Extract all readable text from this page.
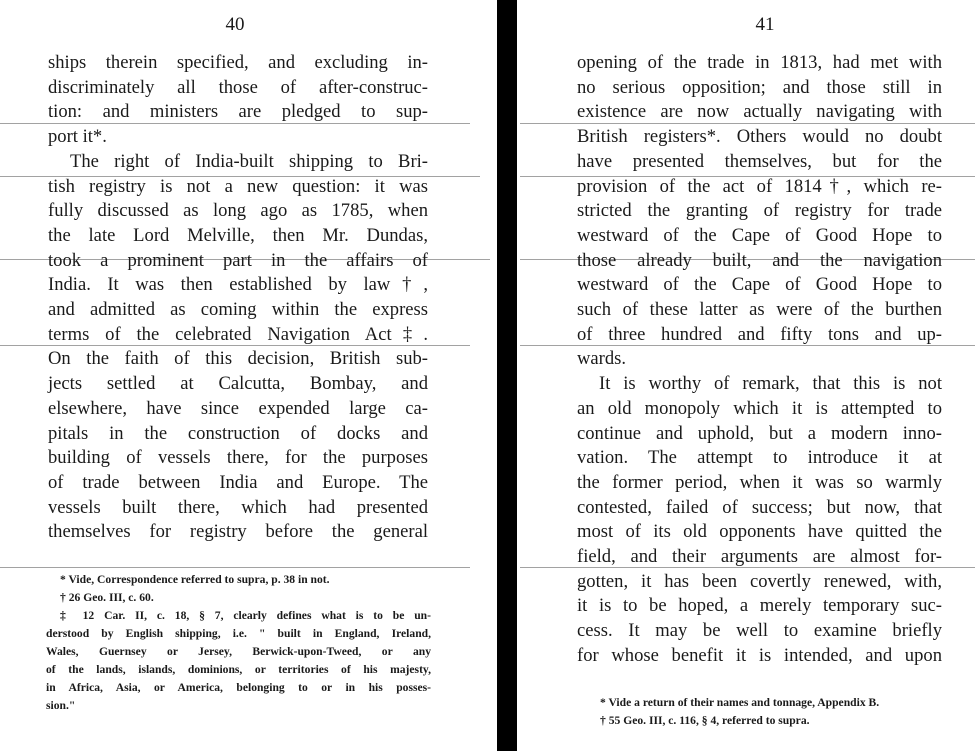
40
ships therein specified, and excluding in-
discriminately all those of after-construc-
tion: and ministers are pledged to sup-
port it*.
The right of India-built shipping to Bri-
tish registry is not a new question: it was
fully discussed as long ago as 1785, when
the late Lord Melville, then Mr. Dundas,
took a prominent part in the affairs of
India. It was then established by law†,
and admitted as coming within the express
terms of the celebrated Navigation Act‡.
On the faith of this decision, British sub-
jects settled at Calcutta, Bombay, and
elsewhere, have since expended large ca-
pitals in the construction of docks and
building of vessels there, for the purposes
of trade between India and Europe. The
vessels built there, which had presented
themselves for registry before the general
* Vide, Correspondence referred to supra, p. 38 in not.
† 26 Geo. III, c. 60.
‡ 12 Car. II, c. 18, § 7, clearly defines what is to be un-
derstood by English shipping, i.e. " built in England, Ireland,
Wales, Guernsey or Jersey, Berwick-upon-Tweed, or any
of the lands, islands, dominions, or territories of his majesty,
in Africa, Asia, or America, belonging to or in his posses-
sion."
41
opening of the trade in 1813, had met with
no serious opposition; and those still in
existence are now actually navigating with
British registers*. Others would no doubt
have presented themselves, but for the
provision of the act of 1814†, which re-
stricted the granting of registry for trade
westward of the Cape of Good Hope to
those already built, and the navigation
westward of the Cape of Good Hope to
such of these latter as were of the burthen
of three hundred and fifty tons and up-
wards.
It is worthy of remark, that this is not
an old monopoly which it is attempted to
continue and uphold, but a modern inno-
vation. The attempt to introduce it at
the former period, when it was so warmly
contested, failed of success; but now, that
most of its old opponents have quitted the
field, and their arguments are almost for-
gotten, it has been covertly renewed, with,
it is to be hoped, a merely temporary suc-
cess. It may be well to examine briefly
for whose benefit it is intended, and upon
* Vide a return of their names and tonnage, Appendix B.
† 55 Geo. III, c. 116, § 4, referred to supra.
